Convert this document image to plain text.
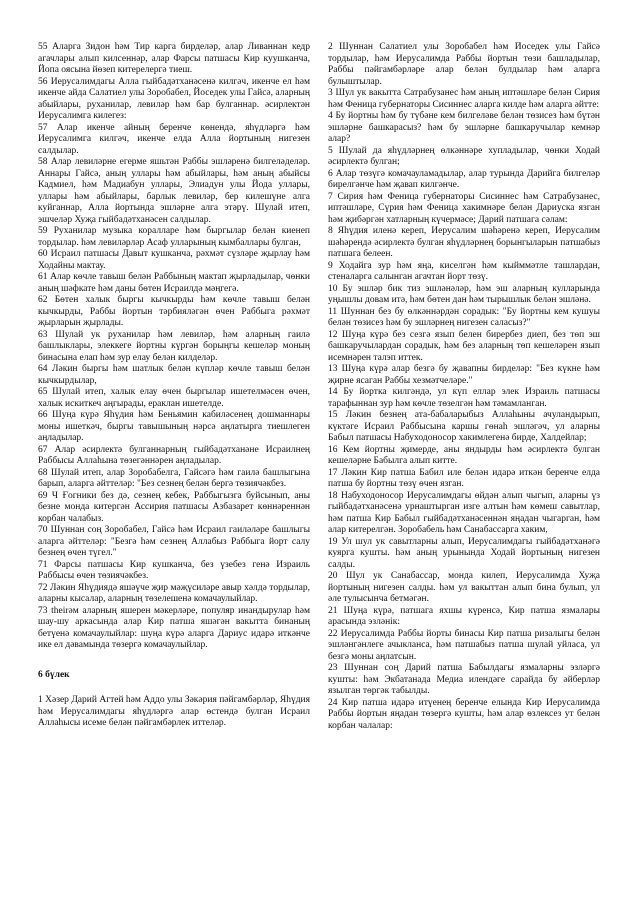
55 Аларга Зидон һәм Тир карга бирделәр, алар Ливаннан кедр агачлары алып килсеннәр, алар Фарсы патшасы Кир куушканча, Йопа оясына йөзеп китерелергә тиеш.

56 Иерусалимдагы Алла гыйбадәтханәсенә килгәч, икенче ел һәм икенче айда Салатиел улы Зоробабел, Йоседек улы Гайсә, аларның абыйлары, руханилар, левиләр һәм бар булганнар. әсирлектән Иерусалимга килегез:

57 Алар икенче айның беренче көнендә, яһүдләргә һәм Иерусалимга килгәч, икенче елда Алла йортының нигезен салдылар.

58 Алар левиләрне егерме яшьтән Раббы эшләренә билгеләделәр. Аннары Гайсә, аның уллары һәм абыйлары, һәм аның абыйсы Кадмиел, һәм Мадиабун уллары, Элиадун улы Йода уллары, уллары һәм абыйлары, барлык левиләр, бер килешүне алга куйганнар, Алла йортында эшләрне алга этәрү. Шулай итеп, эшчеләр Хуҗа гыйбадәтханәсен салдылар.

59 Руханилар музыка коралларе һәм быргылар белән киенеп тордылар. һәм левиләрләр Асаф улларының кымбаллары булган,

60 Исраил патшасы Давыт кушканча, рәхмәт сүзләре җырлау һәм Ходайны мактау.

61 Алар көчле тавыш белән Раббының мактап җырладылар, чөнки аның шәфкате һәм даны бөтен Исраилдә мәңгегә.

62 Бөтен халык быргы кычкырды һәм көчле тавыш белән кычкырды, Раббы йортын тәрбияләгән өчен Раббыга рәхмәт җырларын җырлады.

63 Шулай ук руханилар һәм левиләр, һәм аларның гаилә башлыклары, элеккеге йортны күргән борыңгы кешеләр моның бинасына елап һәм зур елау белән килделәр.

64 Ләкин быргы һәм шатлык белән күпләр көчле тавыш белән кычкырдылар,

65 Шулай итеп, халык елау өчен быргылар ишетелмәсен өчен, халык искиткеч аңгырады, ераклан ишетелде.

66 Шуңа күрә Яһүдия һәм Беньямин кабиләсенең дошманнары моны ишеткәч, быргы тавышының нәрсә аңлатырга тиешлеген аңладылар.

67 Алар әсирлектә булганнарның гыйбадәтханәне Исраилнең Раббысы Аллаһына төзегәннәрен аңладылар.

68 Шулай итеп, алар Зоробабелга, Гайсәгә һәм гаилә башлыгына барып, аларга әйттеләр: "Без сезнең белән бергә төзиячәкбез.

69 Ч Ғогники без дә, сезнең кебек, Раббыгызга буйсынып, аны безне монда китергән Ассирия патшасы Азбазарет көннәреннән корбан чалабыз.

70 Шуннан соң Зоробабел, Гайсә һәм Исраил гаиләләре башлыгы аларга әйттеләр: "Безгә һәм сезнең Аллабыз Раббыга йорт салу безнең өчен түгел."

71 Фарсы патшасы Кир кушканча, без үзебез генә Израиль Раббысы өчен төзиячәкбез.

72 Ләкин Яһүдиядә яшәүче җир мәҗүсиләре авыр хәлдә тордылар, аларны кысалар, аларның төзелешенә комачаулыйлар.

73 theirәм аларның яшерен мәкерләре, популяр инандырулар һәм шау-шу аркасында алар Кир патша яшәгән вакытта бинаның бетүенә комачаулыйлар: шуңа күрә аларга Дариус идарә иткәнче ике ел дәвамында төзергә комачаулыйлар.

6 бүлек

1 Хәзер Дарий Агтей һәм Аддо улы Зәкәрия пәйгамбәрләр, Яһүдия һәм Иерусалимдагы яһүдләргә алар өстендә булган Исраил Аллаһысы исеме белән пәйгамбәрлек иттеләр.

2 Шуннан Салатиел улы Зоробабел һәм Йоседек улы Гайсә тордылар, һәм Иерусалимда Раббы йортын төзи башладылар, Раббы пәйгамбәрләре алар белән булдылар һәм аларга булыштылар.

3 Шул ук вакытта Сатрабузанес һәм аның иптәшләре белән Сирия һәм Феница губернаторы Сисиннес аларга килде һәм аларга әйтте:

4 Бу йортны һәм бу түбәне кем билгеләве белән төзисез һәм бүтән эшләрне башкарасыз? һәм бу эшләрне башкаручылар кемнәр алар?

5 Шулай да яһүдләрнең өлкәннәре хупладылар, чөнки Ходай әсирлектә булган;

6 Алар төзүгә комачауламадылар, алар турында Дарийга билгеләр бирелгәнче һәм җавап килгәнче.

7 Сирия һәм Феница губернаторы Сисиннес һәм Сатрабузанес, иптәшләре, Сүрия һәм Феница хакимнәре белән Дариуска язган һәм җибәргән хатларның күчермәсе; Дарий патшага сәлам:

8 Яһүдия иленә кереп, Иерусалим шәһәренә кереп, Иерусалим шәһәрендә әсирлектә булган яһүдләрнең борынгыларын патшабыз патшага белеен.

9 Ходайга зур һәм яңа, киселгән һәм кыйммәтле ташлардан, стеналарга салынган агачтан йорт төзү.

10 Бу эшләр бик тиз эшләнәләр, һәм эш аларның кулларында уңышлы довам итә, һәм бөтен дан һәм тырышлык белән эшләнә.

11 Шуннан без бу өлкәннәрдән сорадык: "Бу йортны кем кушуы белән төзисез һәм бу эшләрнең нигезен саласыз?"

12 Шуңа күрә без сезгә язып белен бирербез диеп, без төп эш башкаручылардан сорадык, һәм без аларның төп кешеләрен язып исемнәрен талэп иттек.

13 Шуңа күрә алар безгә бу җавапны бирделәр: "Без күкне һәм җирне ясаган Раббы хезмәтчеләре."

14 Бу йортка килгәндә, ул күп еллар элек Израиль патшасы тарафыннан зур һәм көчле төзелгән һәм тәмамланган.

15 Ләкин безнең ата-бабаларыбыз Аллаһыны ачуландырып, күктәге Исраил Раббысына каршы гөнаһ эшләгәч, ул аларны Бабыл патшасы Набуходоносор хакимлегенә бирде, Халдейлар;

16 Кем йортны җимерде, аны яндырды һәм әсирлектә булган кешеләрне Бабылга алып китте.

17 Ләкин Кир патша Бабил иле белән идарә иткән беренче елда патша бу йортны төзү өчен язган.

18 Набуходоносор Иерусалимдагы өйдән алып чыгып, аларны үз гыйбадәтханәсенә урнаштырган изге алтын һәм көмеш савытлар, һәм патша Кир Бабыл гыйбадәтханәсеннән яңадан чыгарган, һәм алар китерелгән. Зоробабель һәм Санабассарга хаким,

19 Ул шул ук савытларны алып, Иерусалимдагы гыйбадәтханәгә куярга кушты. һәм аның урынында Ходай йортының нигезен салды.

20 Шул ук Санабассар, монда килеп, Иерусалимда Хуҗа йортының нигезен салды. һәм ул вакыттан алып бина булып, ул әле тулысынча бетмәгән.

21 Шуңа күрә, патшага яхшы күренсә, Кир патша язмалары арасында эзләнік:

22 Иерусалимда Раббы йорты бинасы Кир патша ризалыгы белән эшләнгәнлеге ачыкланса, һәм патшабыз патша шулай уйласа, ул безгә моны аңлатсын.

23 Шуннан соң Дарий патша Бабылдагы язмаларны эзләргә кушты: һәм Экбатанада Медиа илендәге сарайда бу әйберләр язылган төргәк табылды.

24 Кир патша идарә итүенең беренче елында Кир Иерусалимда Раббы йортын яңадан төзергә кушты, һәм алар өзлексез ут белән корбан чалалар:
